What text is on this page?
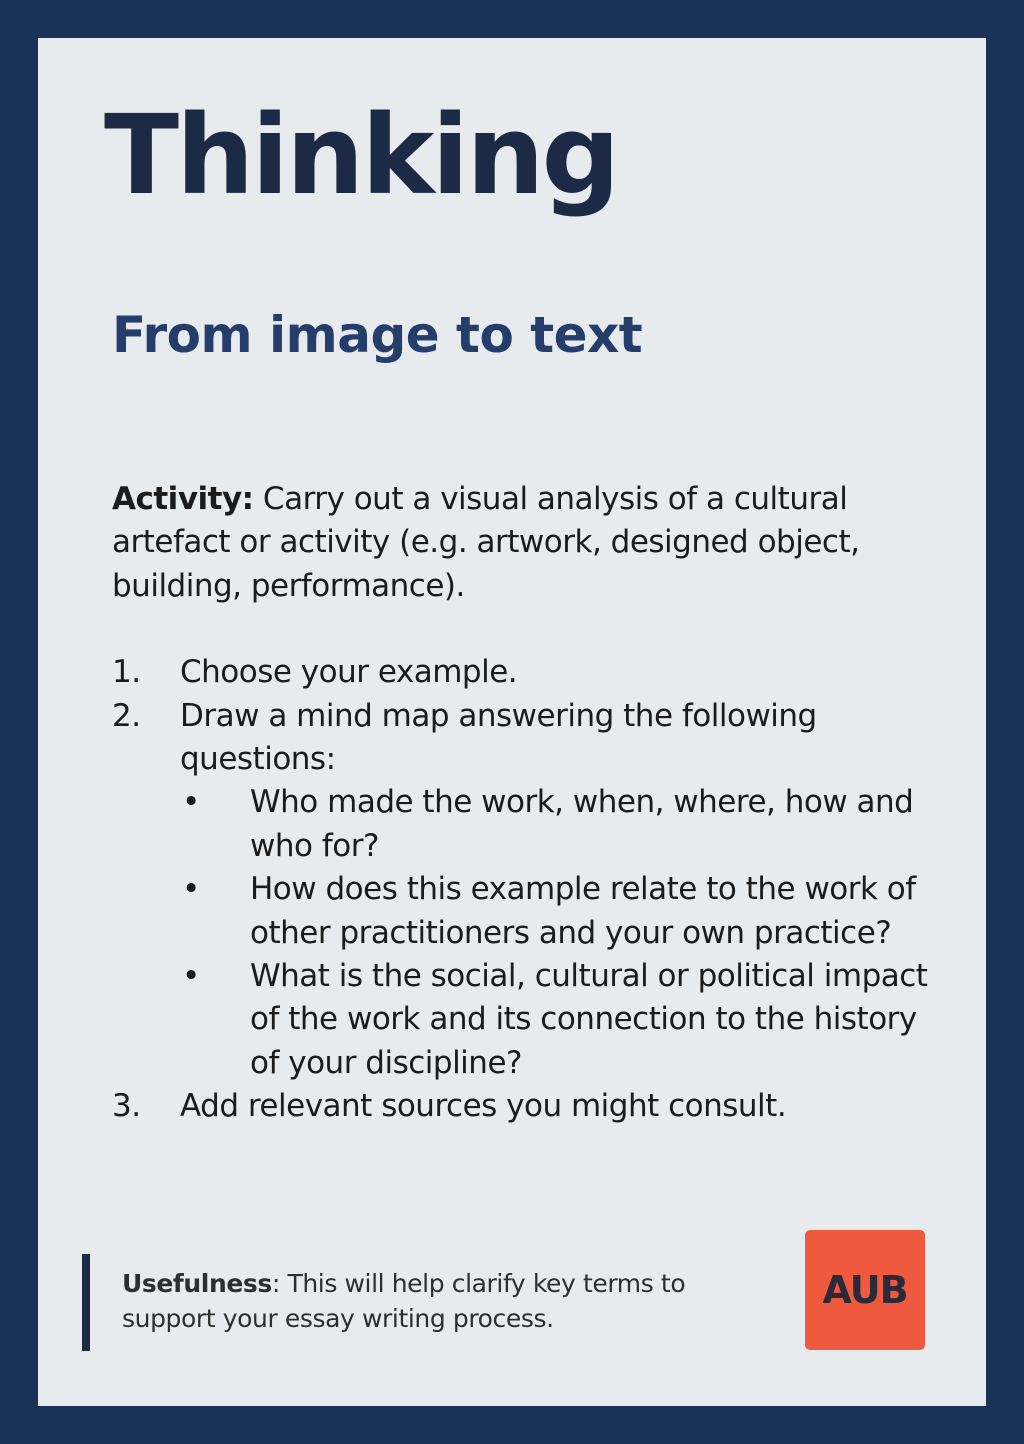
Thinking
From image to text

Activity: Carry out a visual analysis of a cultural artefact or activity (e.g. artwork, designed object, building, performance).

1. Choose your example.
2. Draw a mind map answering the following questions:
• Who made the work, when, where, how and who for?
• How does this example relate to the work of other practitioners and your own practice?
• What is the social, cultural or political impact of the work and its connection to the history of your discipline?
3. Add relevant sources you might consult.

Usefulness: This will help clarify key terms to support your essay writing process.

AUB
